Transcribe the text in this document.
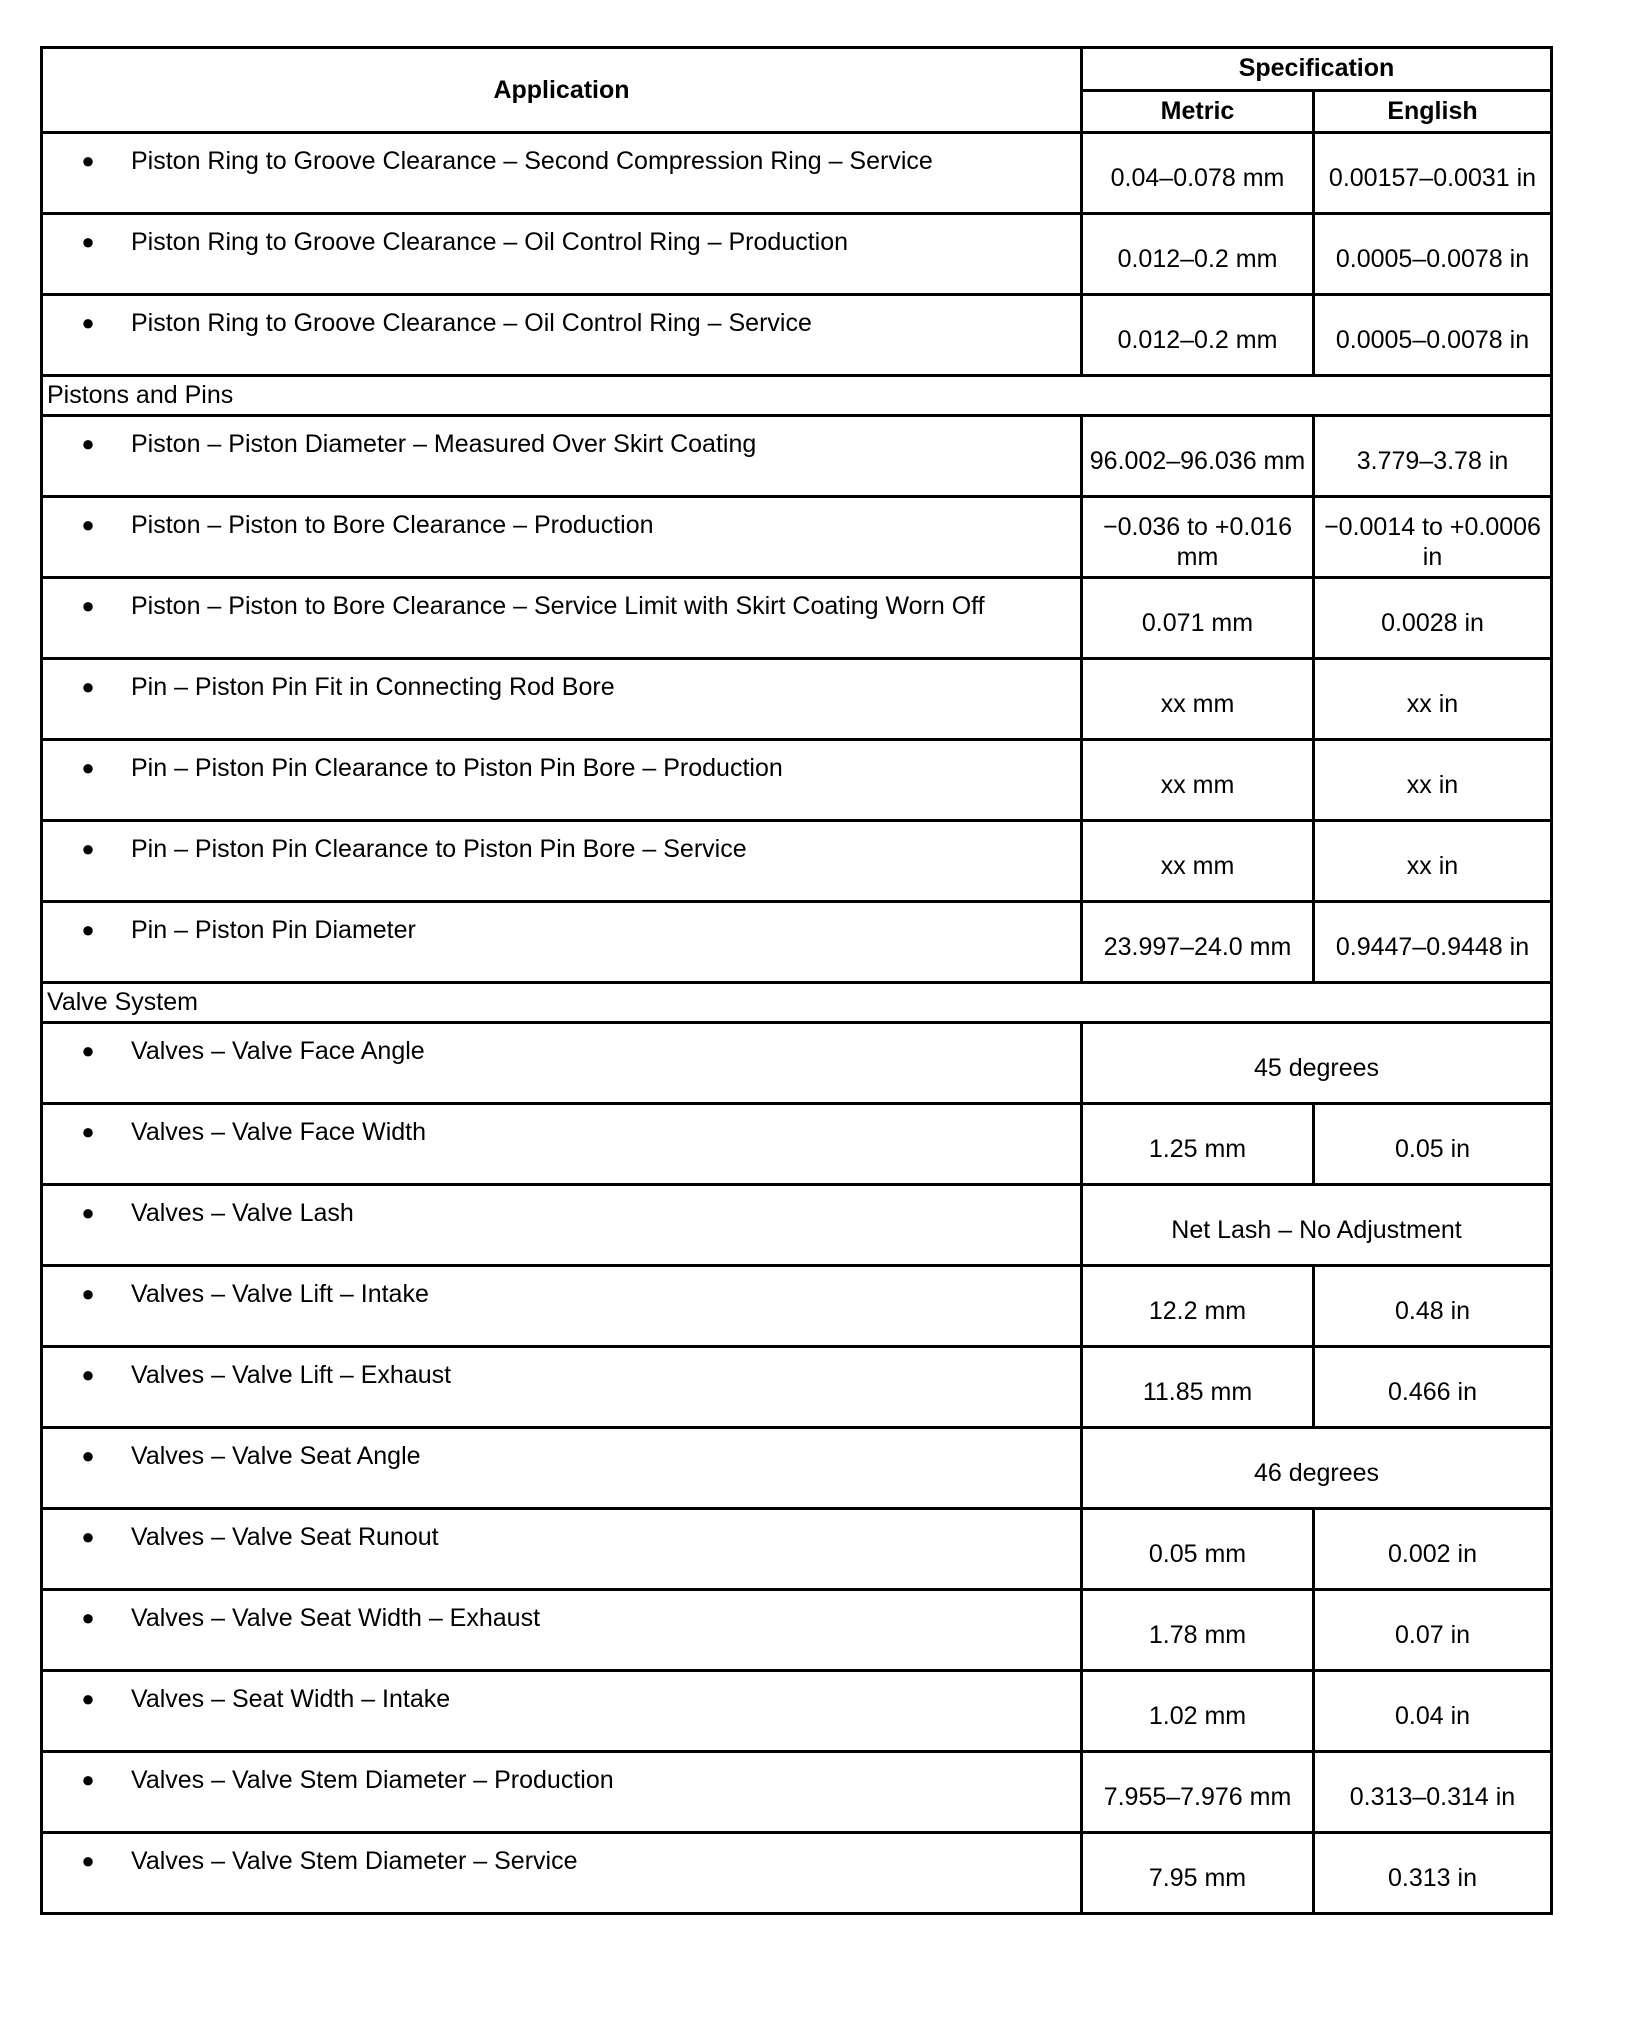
Application	Specification	
	Metric	English

● Piston Ring to Groove Clearance – Second Compression Ring – Service	0.04–0.078 mm	0.00157–0.0031 in

● Piston Ring to Groove Clearance – Oil Control Ring – Production	0.012–0.2 mm	0.0005–0.0078 in

● Piston Ring to Groove Clearance – Oil Control Ring – Service	0.012–0.2 mm	0.0005–0.0078 in
Pistons and Pins		

● Piston – Piston Diameter – Measured Over Skirt Coating	96.002–96.036 mm	3.779–3.78 in

● Piston – Piston to Bore Clearance – Production	−0.036 to +0.016 mm	−0.0014 to +0.0006 in

● Piston – Piston to Bore Clearance – Service Limit with Skirt Coating Worn Off	0.071 mm	0.0028 in

● Pin – Piston Pin Fit in Connecting Rod Bore	xx mm	xx in

● Pin – Piston Pin Clearance to Piston Pin Bore – Production	xx mm	xx in

● Pin – Piston Pin Clearance to Piston Pin Bore – Service	xx mm	xx in

● Pin – Piston Pin Diameter	23.997–24.0 mm	0.9447–0.9448 in
Valve System		

● Valves – Valve Face Angle	45 degrees	

● Valves – Valve Face Width	1.25 mm	0.05 in

● Valves – Valve Lash	Net Lash – No Adjustment	

● Valves – Valve Lift – Intake	12.2 mm	0.48 in

● Valves – Valve Lift – Exhaust	11.85 mm	0.466 in

● Valves – Valve Seat Angle	46 degrees	

● Valves – Valve Seat Runout	0.05 mm	0.002 in

● Valves – Valve Seat Width – Exhaust	1.78 mm	0.07 in

● Valves – Seat Width – Intake	1.02 mm	0.04 in

● Valves – Valve Stem Diameter – Production	7.955–7.976 mm	0.313–0.314 in

● Valves – Valve Stem Diameter – Service	7.95 mm	0.313 in
